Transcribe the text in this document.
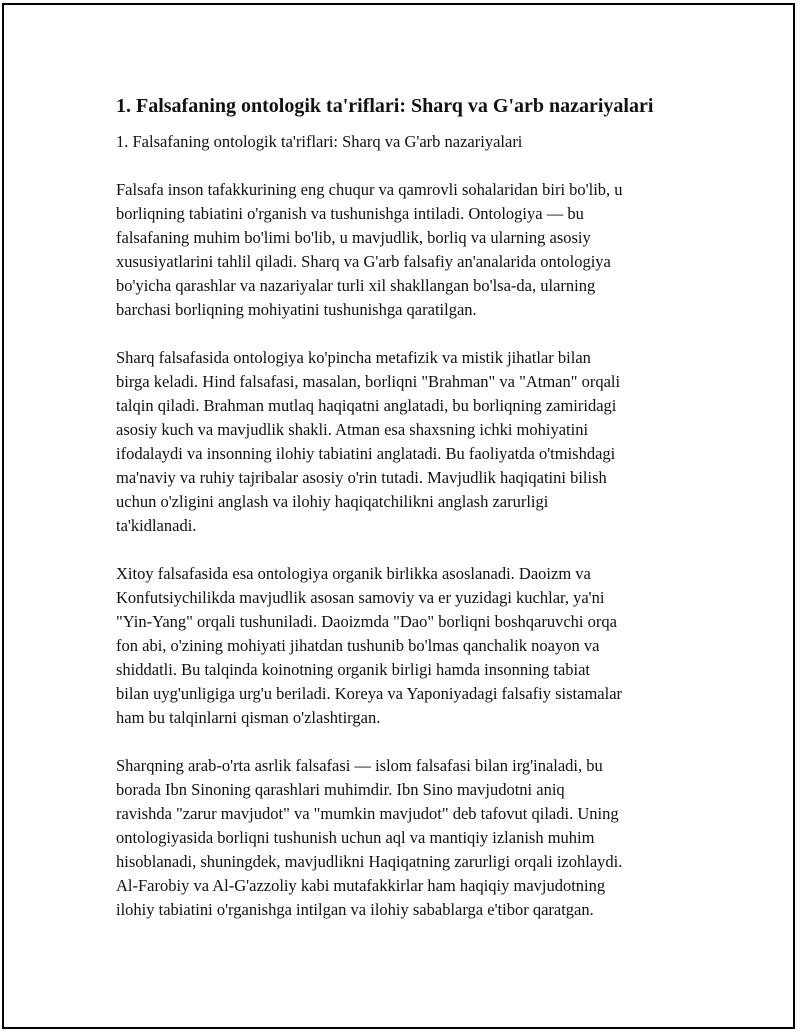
1. Falsafaning ontologik ta'riflari: Sharq va G'arb nazariyalari

1. Falsafaning ontologik ta'riflari: Sharq va G'arb nazariyalari

Falsafa inson tafakkurining eng chuqur va qamrovli sohalaridan biri bo'lib, u
borliqning tabiatini o'rganish va tushunishga intiladi. Ontologiya — bu
falsafaning muhim bo'limi bo'lib, u mavjudlik, borliq va ularning asosiy
xususiyatlarini tahlil qiladi. Sharq va G'arb falsafiy an'analarida ontologiya
bo'yicha qarashlar va nazariyalar turli xil shakllangan bo'lsa-da, ularning
barchasi borliqning mohiyatini tushunishga qaratilgan.

Sharq falsafasida ontologiya ko'pincha metafizik va mistik jihatlar bilan
birga keladi. Hind falsafasi, masalan, borliqni "Brahman" va "Atman" orqali
talqin qiladi. Brahman mutlaq haqiqatni anglatadi, bu borliqning zamiridagi
asosiy kuch va mavjudlik shakli. Atman esa shaxsning ichki mohiyatini
ifodalaydi va insonning ilohiy tabiatini anglatadi. Bu faoliyatda o'tmishdagi
ma'naviy va ruhiy tajribalar asosiy o'rin tutadi. Mavjudlik haqiqatini bilish
uchun o'zligini anglash va ilohiy haqiqatchilikni anglash zarurligi
ta'kidlanadi.

Xitoy falsafasida esa ontologiya organik birlikka asoslanadi. Daoizm va
Konfutsiychilikda mavjudlik asosan samoviy va er yuzidagi kuchlar, ya'ni
"Yin-Yang" orqali tushuniladi. Daoizmda "Dao" borliqni boshqaruvchi orqa
fon abi, o'zining mohiyati jihatdan tushunib bo'lmas qanchalik noayon va
shiddatli. Bu talqinda koinotning organik birligi hamda insonning tabiat
bilan uyg'unligiga urg'u beriladi. Koreya va Yaponiyadagi falsafiy sistamalar
ham bu talqinlarni qisman o'zlashtirgan.

Sharqning arab-o'rta asrlik falsafasi — islom falsafasi bilan irg'inaladi, bu
borada Ibn Sinoning qarashlari muhimdir. Ibn Sino mavjudotni aniq
ravishda "zarur mavjudot" va "mumkin mavjudot" deb tafovut qiladi. Uning
ontologiyasida borliqni tushunish uchun aql va mantiqiy izlanish muhim
hisoblanadi, shuningdek, mavjudlikni Haqiqatning zarurligi orqali izohlaydi.
Al-Farobiy va Al-G'azzoliy kabi mutafakkirlar ham haqiqiy mavjudotning
ilohiy tabiatini o'rganishga intilgan va ilohiy sabablarga e'tibor qaratgan.
